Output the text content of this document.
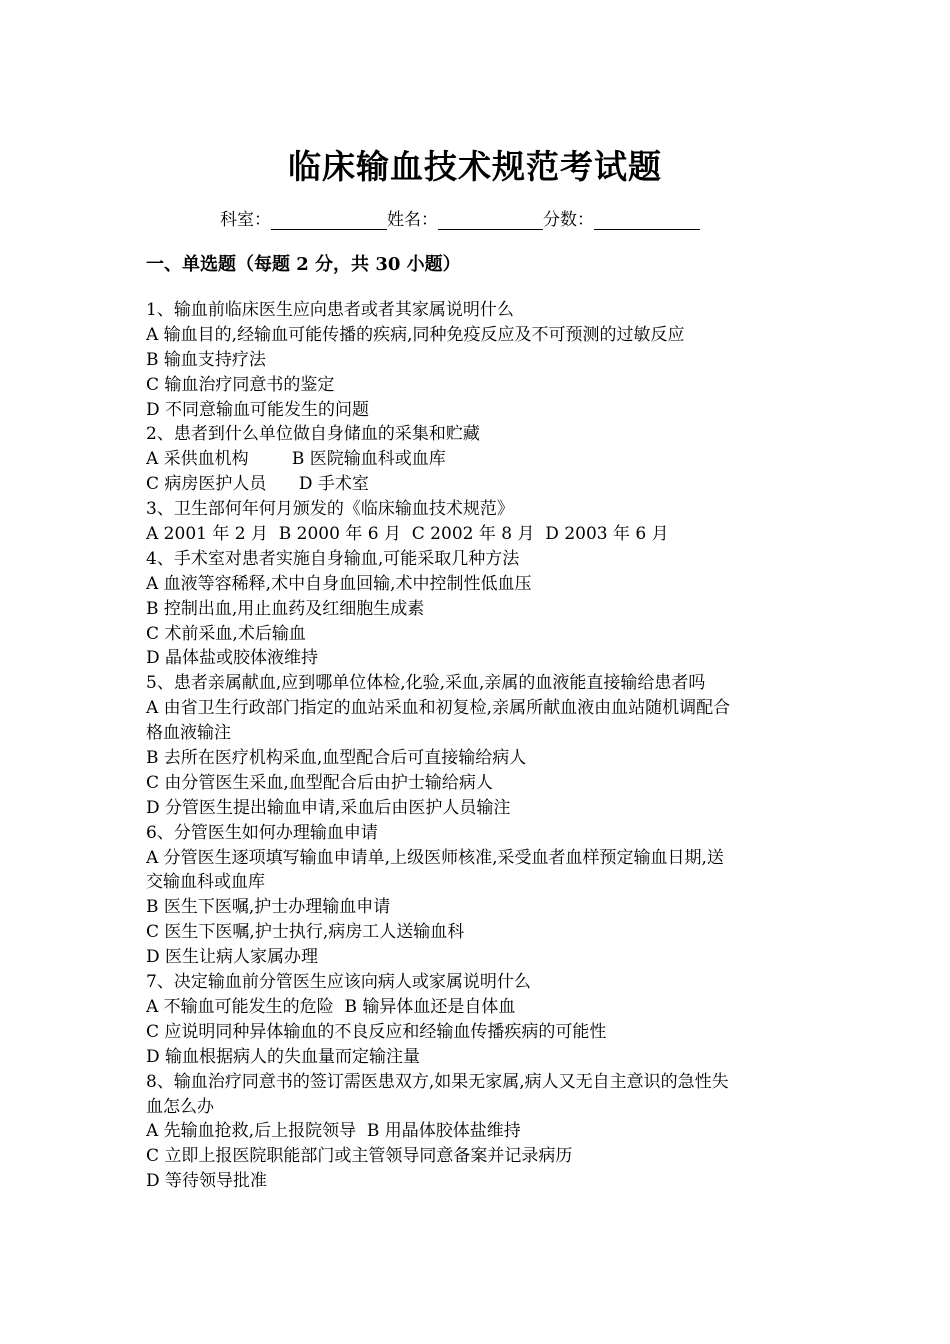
临床输血技术规范考试题
科室：	姓名：	分数：
一、单选题（每题 2 分，共 30 小题）
1、输血前临床医生应向患者或者其家属说明什么
A 输血目的,经输血可能传播的疾病,同种免疫反应及不可预测的过敏反应
B 输血支持疗法
C 输血治疗同意书的鉴定
D 不同意输血可能发生的问题
2、患者到什么单位做自身储血的采集和贮藏
A 采供血机构        B 医院输血科或血库
C 病房医护人员      D 手术室
3、卫生部何年何月颁发的《临床输血技术规范》
A 2001 年 2 月  B 2000 年 6 月  C 2002 年 8 月  D 2003 年 6 月
4、手术室对患者实施自身输血,可能采取几种方法
A 血液等容稀释,术中自身血回输,术中控制性低血压
B 控制出血,用止血药及红细胞生成素
C 术前采血,术后输血
D 晶体盐或胶体液维持
5、患者亲属献血,应到哪单位体检,化验,采血,亲属的血液能直接输给患者吗
A 由省卫生行政部门指定的血站采血和初复检,亲属所献血液由血站随机调配合
格血液输注
B 去所在医疗机构采血,血型配合后可直接输给病人
C 由分管医生采血,血型配合后由护士输给病人
D 分管医生提出输血申请,采血后由医护人员输注
6、分管医生如何办理输血申请
A 分管医生逐项填写输血申请单,上级医师核准,采受血者血样预定输血日期,送
交输血科或血库
B 医生下医嘱,护士办理输血申请
C 医生下医嘱,护士执行,病房工人送输血科
D 医生让病人家属办理
7、决定输血前分管医生应该向病人或家属说明什么
A 不输血可能发生的危险  B 输异体血还是自体血
C 应说明同种异体输血的不良反应和经输血传播疾病的可能性
D 输血根据病人的失血量而定输注量
8、输血治疗同意书的签订需医患双方,如果无家属,病人又无自主意识的急性失
血怎么办
A 先输血抢救,后上报院领导  B 用晶体胶体盐维持
C 立即上报医院职能部门或主管领导同意备案并记录病历
D 等待领导批准
